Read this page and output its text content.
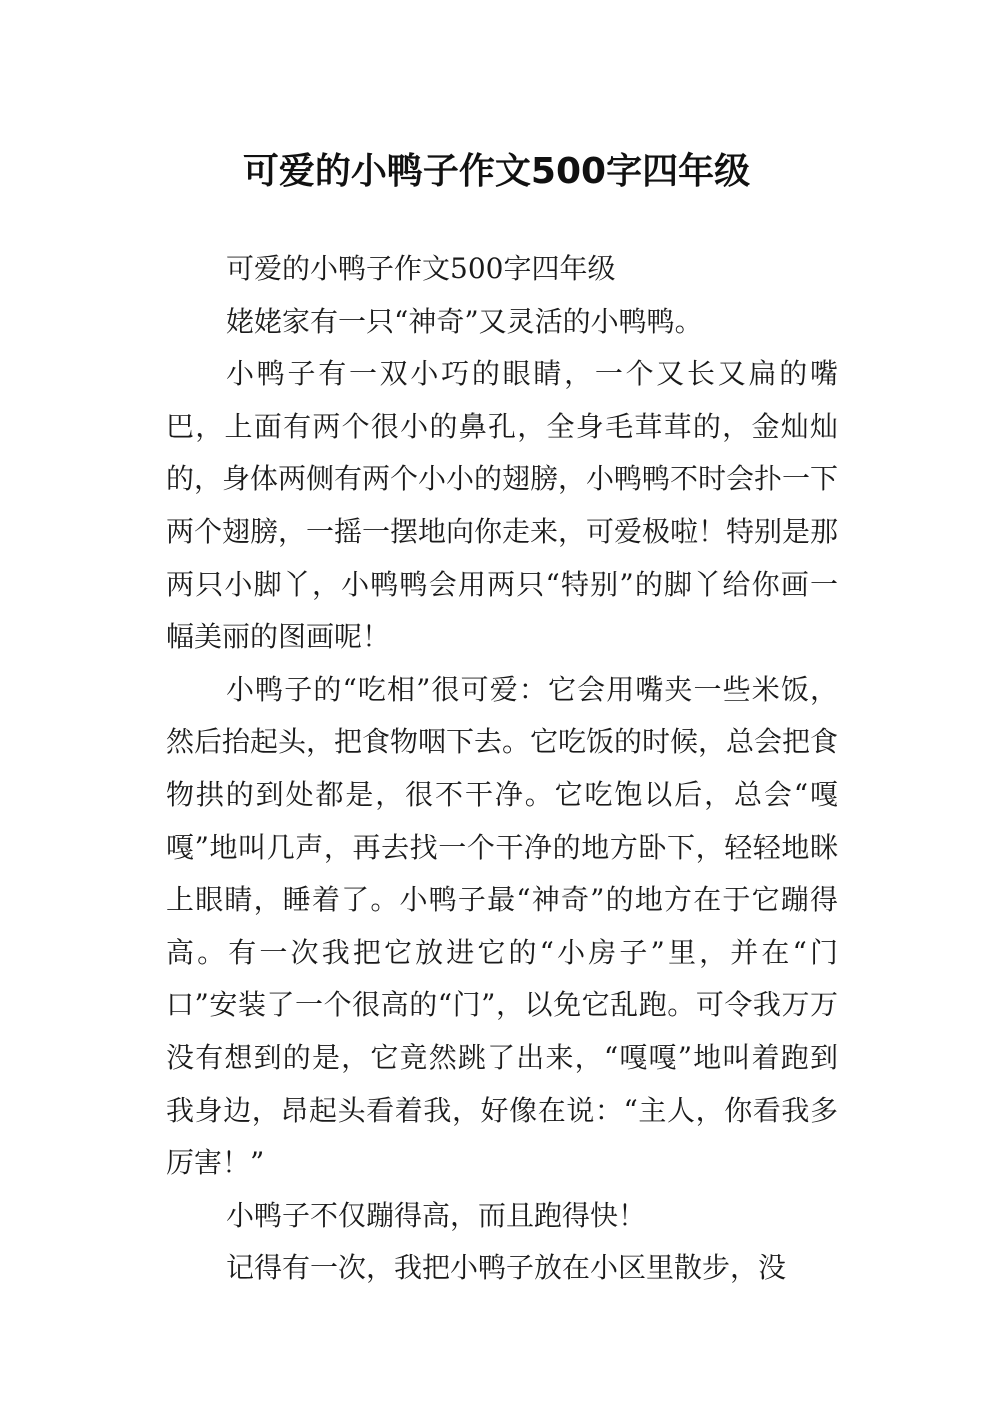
可爱的小鸭子作文500字四年级

可爱的小鸭子作文500字四年级

姥姥家有一只“神奇”又灵活的小鸭鸭。

小鸭子有一双小巧的眼睛，一个又长又扁的嘴巴，上面有两个很小的鼻孔，全身毛茸茸的，金灿灿的，身体两侧有两个小小的翅膀，小鸭鸭不时会扑一下两个翅膀，一摇一摆地向你走来，可爱极啦！特别是那两只小脚丫，小鸭鸭会用两只“特别”的脚丫给你画一幅美丽的图画呢！

小鸭子的“吃相”很可爱：它会用嘴夹一些米饭，然后抬起头，把食物咽下去。它吃饭的时候，总会把食物拱的到处都是，很不干净。它吃饱以后，总会“嘎嘎”地叫几声，再去找一个干净的地方卧下，轻轻地眯上眼睛，睡着了。小鸭子最“神奇”的地方在于它蹦得高。有一次我把它放进它的“小房子”里，并在“门口”安装了一个很高的“门”，以免它乱跑。可令我万万没有想到的是，它竟然跳了出来，“嘎嘎”地叫着跑到我身边，昂起头看着我，好像在说：“主人，你看我多厉害！”

小鸭子不仅蹦得高，而且跑得快！

记得有一次，我把小鸭子放在小区里散步，没
